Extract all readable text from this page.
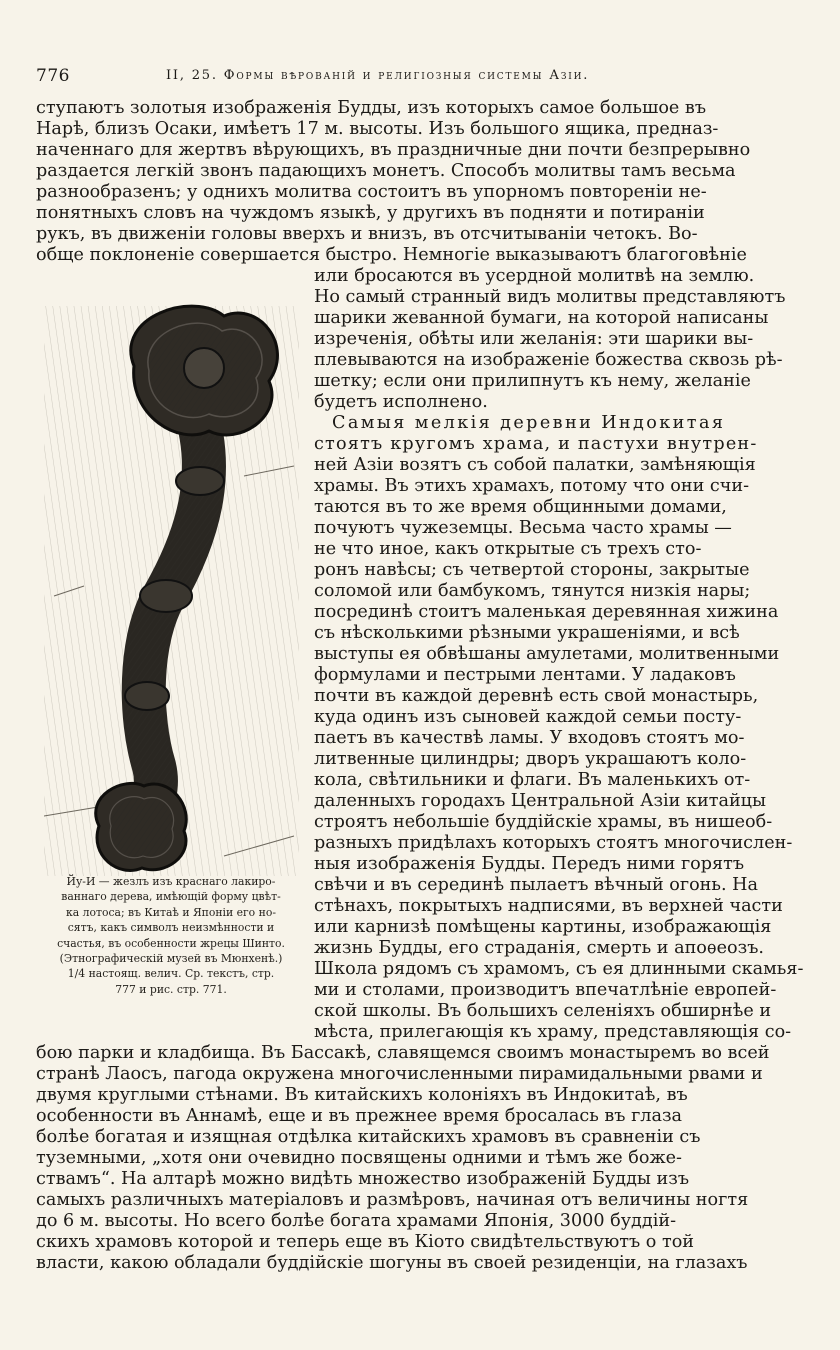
776	II, 25. Формы вѣрованій и религіозныя системы Азіи.
ступаютъ золотыя изображенія Будды, изъ которыхъ самое большое въ
Нарѣ, близъ Осаки, имѣетъ 17 м. высоты. Изъ большого ящика, предназ-
наченнаго для жертвъ вѣрующихъ, въ праздничные дни почти безпрерывно
раздается легкій звонъ падающихъ монетъ. Способъ молитвы тамъ весьма
разнообразенъ; у однихъ молитва состоитъ въ упорномъ повтореніи не-
понятныхъ словъ на чуждомъ языкѣ, у другихъ въ подняти и потираніи
рукъ, въ движеніи головы вверхъ и внизъ, въ отсчитываніи четокъ. Во-
обще поклоненіе совершается быстро. Немногіе выказываютъ благоговѣніе
или бросаются въ усердной молитвѣ на землю.
Но самый странный видъ молитвы представляютъ
шарики жеванной бумаги, на которой написаны
изреченія, обѣты или желанія: эти шарики вы-
плевываются на изображеніе божества сквозь рѣ-
шетку; если они прилипнутъ къ нему, желаніе
будетъ исполнено.
Самыя мелкія деревни Индокитая
стоятъ кругомъ храма, и пастухи внутрен-
ней Азіи возятъ съ собой палатки, замѣняющія
храмы. Въ этихъ храмахъ, потому что они счи-
таются въ то же время общинными домами,
почуютъ чужеземцы. Весьма часто храмы —
не что иное, какъ открытые съ трехъ сто-
ронъ навѣсы; съ четвертой стороны, закрытые
соломой или бамбукомъ, тянутся низкія нары;
посрединѣ стоитъ маленькая деревянная хижина
съ нѣсколькими рѣзными украшеніями, и всѣ
выступы ея обвѣшаны амулетами, молитвенными
формулами и пестрыми лентами. У ладаковъ
почти въ каждой деревнѣ есть свой монастырь,
куда одинъ изъ сыновей каждой семьи посту-
паетъ въ качествѣ ламы. У входовъ стоятъ мо-
литвенные цилиндры; дворъ украшаютъ коло-
кола, свѣтильники и флаги. Въ маленькихъ от-
даленныхъ городахъ Центральной Азіи китайцы
строятъ небольшіе буддійскіе храмы, въ нишеоб-
разныхъ придѣлахъ которыхъ стоятъ многочислен-
ныя изображенія Будды. Передъ ними горятъ
свѣчи и въ серединѣ пылаетъ вѣчный огонь. На
стѣнахъ, покрытыхъ надписями, въ верхней части
или карнизѣ помѣщены картины, изображающія
жизнь Будды, его страданія, смерть и апоѳеозъ.
Школа рядомъ съ храмомъ, съ ея длинными скамья-
ми и столами, производитъ впечатлѣніе европей-
ской школы. Въ большихъ селеніяхъ обширнѣе и
мѣста, прилегающія къ храму, представляющія со-
бою парки и кладбища. Въ Бассакѣ, славящемся своимъ монастыремъ во всей
странѣ Лаосъ, пагода окружена многочисленными пирамидальными рвами и
двумя круглыми стѣнами. Въ китайскихъ колоніяхъ въ Индокитаѣ, въ
особенности въ Аннамѣ, еще и въ прежнее время бросалась въ глаза
болѣе богатая и изящная отдѣлка китайскихъ храмовъ въ сравненіи съ
туземными, „хотя они очевидно посвящены одними и тѣмъ же боже-
ствамъ“. На алтарѣ можно видѣть множество изображеній Будды изъ
самыхъ различныхъ матеріаловъ и размѣровъ, начиная отъ величины ногтя
до 6 м. высоты. Но всего болѣе богата храмами Японія, 3000 буддій-
скихъ храмовъ которой и теперь еще въ Кіото свидѣтельствуютъ о той
власти, какою обладали буддійскіе шогуны въ своей резиденціи, на глазахъ
Йу-И — жезлъ изъ краснаго лакиро-
ваннаго дерева, имѣющій форму цвѣт-
ка лотоса; въ Китаѣ и Японіи его но-
сятъ, какъ символъ неизмѣнности и
счастья, въ особенности жрецы Шинто.
(Этнографическій музей въ Мюнхенѣ.)
1/4 настоящ. велич. Ср. текстъ, стр.
777 и рис. стр. 771.
